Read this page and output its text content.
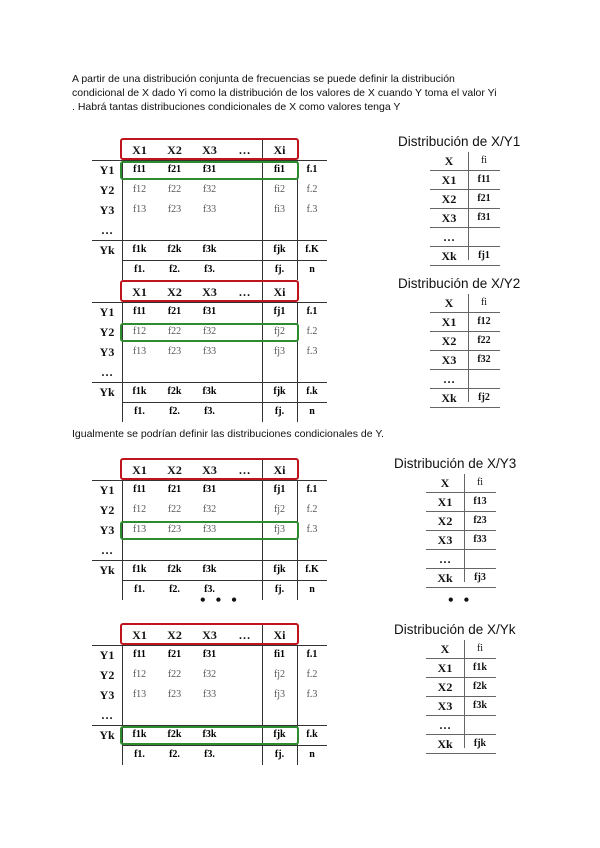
A partir de una distribución conjunta de frecuencias se puede definir la distribución
condicional de X dado Yi como la distribución de los valores de X cuando Y toma el valor Yi
. Habrá tantas distribuciones condicionales de X como valores tenga Y
Igualmente se podrían definir las distribuciones condicionales de Y.
• • •	• •
X1	X2	X3	…	Xi
Y1	f11	f21	f31	fi1	f.1
Y2	f12	f22	f32	fi2	f.2
Y3	f13	f23	f33	fi3	f.3
…
Yk	f1k	f2k	f3k	fjk	f.K
f1.	f2.	f3.	fj.	n
X1	X2	X3	…	Xi
Y1	f11	f21	f31	fj1	f.1
Y2	f12	f22	f32	fj2	f.2
Y3	f13	f23	f33	fj3	f.3
…
Yk	f1k	f2k	f3k	fjk	f.k
f1.	f2.	f3.	fj.	n
X1	X2	X3	…	Xi
Y1	f11	f21	f31	fj1	f.1
Y2	f12	f22	f32	fj2	f.2
Y3	f13	f23	f33	fj3	f.3
…
Yk	f1k	f2k	f3k	fjk	f.K
f1.	f2.	f3.	fj.	n
X1	X2	X3	…	Xi
Y1	f11	f21	f31	fi1	f.1
Y2	f12	f22	f32	fj2	f.2
Y3	f13	f23	f33	fj3	f.3
…
Yk	f1k	f2k	f3k	fjk	f.k
f1.	f2.	f3.	fj.	n
Distribución de X/Y1
X	fi
X1	f11
X2	f21
X3	f31
…
Xk	fj1
Distribución de X/Y2
X	fi
X1	f12
X2	f22
X3	f32
…
Xk	fj2
Distribución de X/Y3
X	fi
X1	f13
X2	f23
X3	f33
…
Xk	fj3
Distribución de X/Yk
X	fi
X1	f1k
X2	f2k
X3	f3k
…
Xk	fjk
